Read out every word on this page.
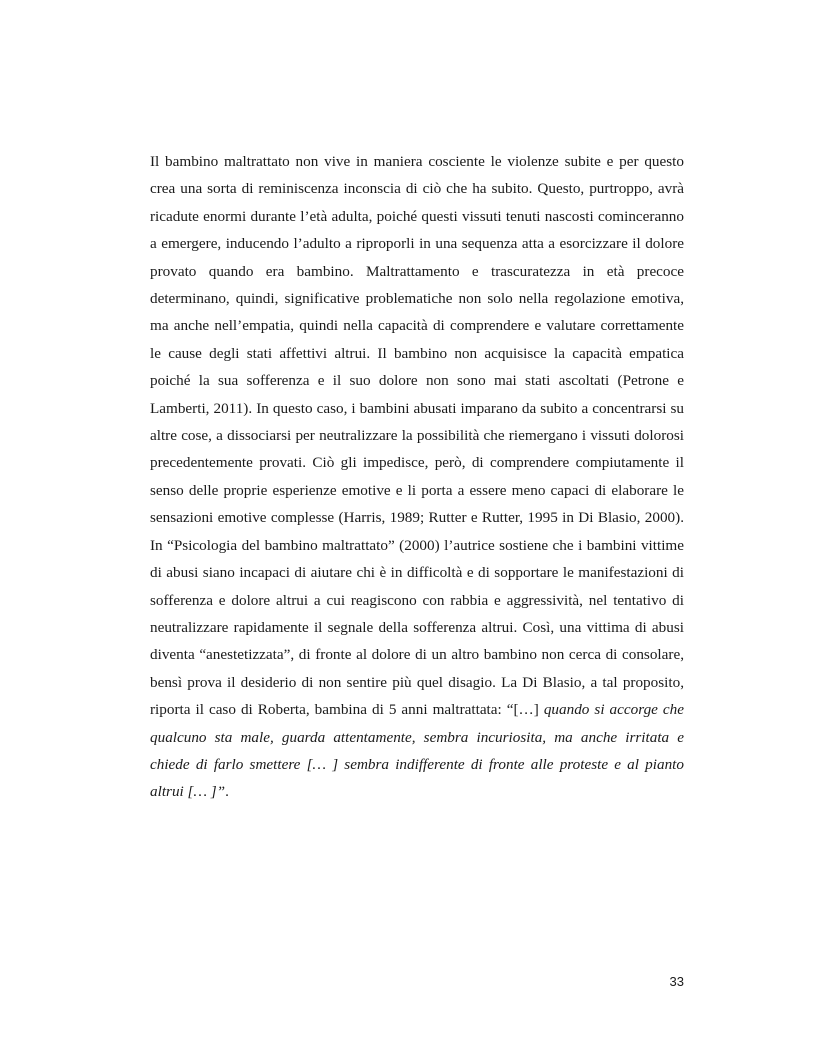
Il bambino maltrattato non vive in maniera cosciente le violenze subite e per questo crea una sorta di reminiscenza inconscia di ciò che ha subito. Questo, purtroppo, avrà ricadute enormi durante l’età adulta, poiché questi vissuti tenuti nascosti cominceranno a emergere, inducendo l’adulto a riproporli in una sequenza atta a esorcizzare il dolore provato quando era bambino. Maltrattamento e trascuratezza in età precoce determinano, quindi, significative problematiche non solo nella regolazione emotiva, ma anche nell’empatia, quindi nella capacità di comprendere e valutare correttamente le cause degli stati affettivi altrui. Il bambino non acquisisce la capacità empatica poiché la sua sofferenza e il suo dolore non sono mai stati ascoltati (Petrone e Lamberti, 2011). In questo caso, i bambini abusati imparano da subito a concentrarsi su altre cose, a dissociarsi per neutralizzare la possibilità che riemergano i vissuti dolorosi precedentemente provati. Ciò gli impedisce, però, di comprendere compiutamente il senso delle proprie esperienze emotive e li porta a essere meno capaci di elaborare le sensazioni emotive complesse (Harris, 1989; Rutter e Rutter, 1995 in Di Blasio, 2000). In “Psicologia del bambino maltrattato” (2000) l’autrice sostiene che i bambini vittime di abusi siano incapaci di aiutare chi è in difficoltà e di sopportare le manifestazioni di sofferenza e dolore altrui a cui reagiscono con rabbia e aggressività, nel tentativo di neutralizzare rapidamente il segnale della sofferenza altrui. Così, una vittima di abusi diventa “anestetizzata”, di fronte al dolore di un altro bambino non cerca di consolare, bensì prova il desiderio di non sentire più quel disagio. La Di Blasio, a tal proposito, riporta il caso di Roberta, bambina di 5 anni maltrattata: “[…] quando si accorge che qualcuno sta male, guarda attentamente, sembra incuriosita, ma anche irritata e chiede di farlo smettere [… ] sembra indifferente di fronte alle proteste e al pianto altrui [… ]”.

33
